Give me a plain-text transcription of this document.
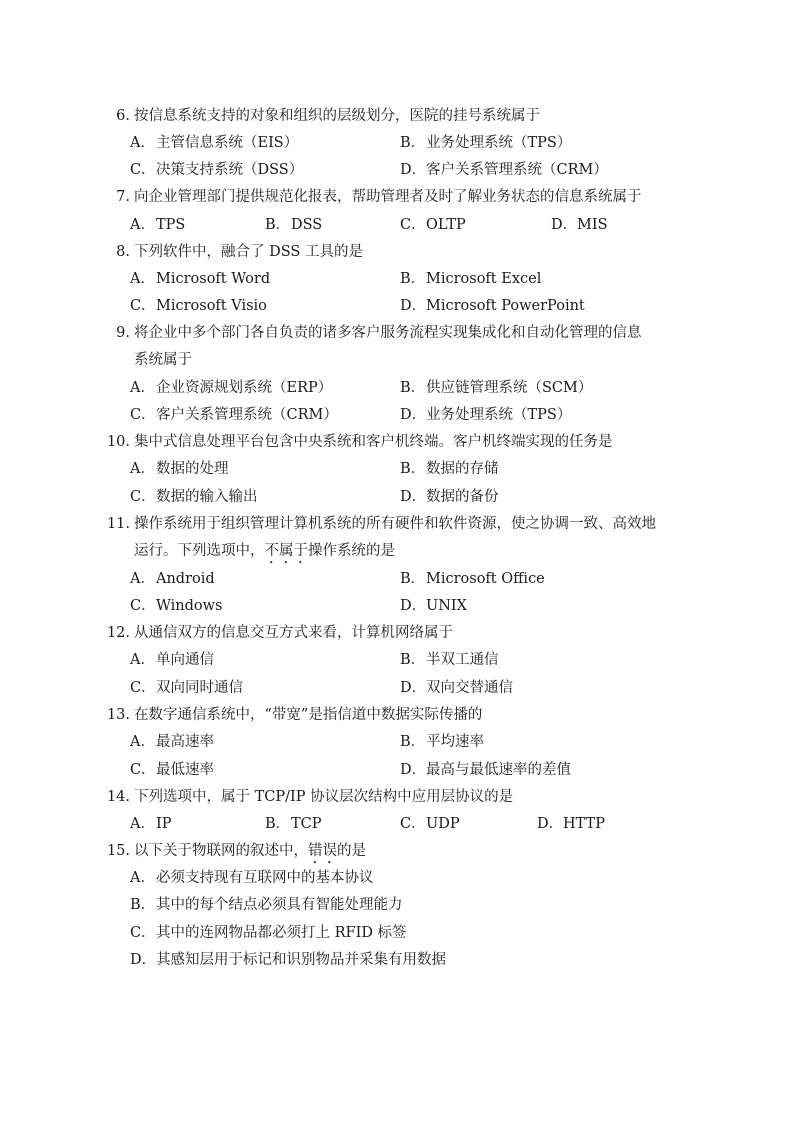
6. 按信息系统支持的对象和组织的层级划分，医院的挂号系统属于
A．主管信息系统（EIS）	B．业务处理系统（TPS）
C．决策支持系统（DSS）	D．客户关系管理系统（CRM）
7. 向企业管理部门提供规范化报表，帮助管理者及时了解业务状态的信息系统属于
A．TPS	B．DSS	C．OLTP	D．MIS
8. 下列软件中，融合了 DSS 工具的是
A．Microsoft Word	B．Microsoft Excel
C．Microsoft Visio	D．Microsoft PowerPoint
9. 将企业中多个部门各自负责的诸多客户服务流程实现集成化和自动化管理的信息
系统属于
A．企业资源规划系统（ERP）	B．供应链管理系统（SCM）
C．客户关系管理系统（CRM）	D．业务处理系统（TPS）
10. 集中式信息处理平台包含中央系统和客户机终端。客户机终端实现的任务是
A．数据的处理	B．数据的存储
C．数据的输入输出	D．数据的备份
11. 操作系统用于组织管理计算机系统的所有硬件和软件资源，使之协调一致、高效地
运行。下列选项中，不属于操作系统的是
A．Android	B．Microsoft Office
C．Windows	D．UNIX
12. 从通信双方的信息交互方式来看，计算机网络属于
A．单向通信	B．半双工通信
C．双向同时通信	D．双向交替通信
13. 在数字通信系统中，“带宽”是指信道中数据实际传播的
A．最高速率	B．平均速率
C．最低速率	D．最高与最低速率的差值
14. 下列选项中，属于 TCP/IP 协议层次结构中应用层协议的是
A．IP	B．TCP	C．UDP	D．HTTP
15. 以下关于物联网的叙述中，错误的是
A．必须支持现有互联网中的基本协议
B．其中的每个结点必须具有智能处理能力
C．其中的连网物品都必须打上 RFID 标签
D．其感知层用于标记和识别物品并采集有用数据
